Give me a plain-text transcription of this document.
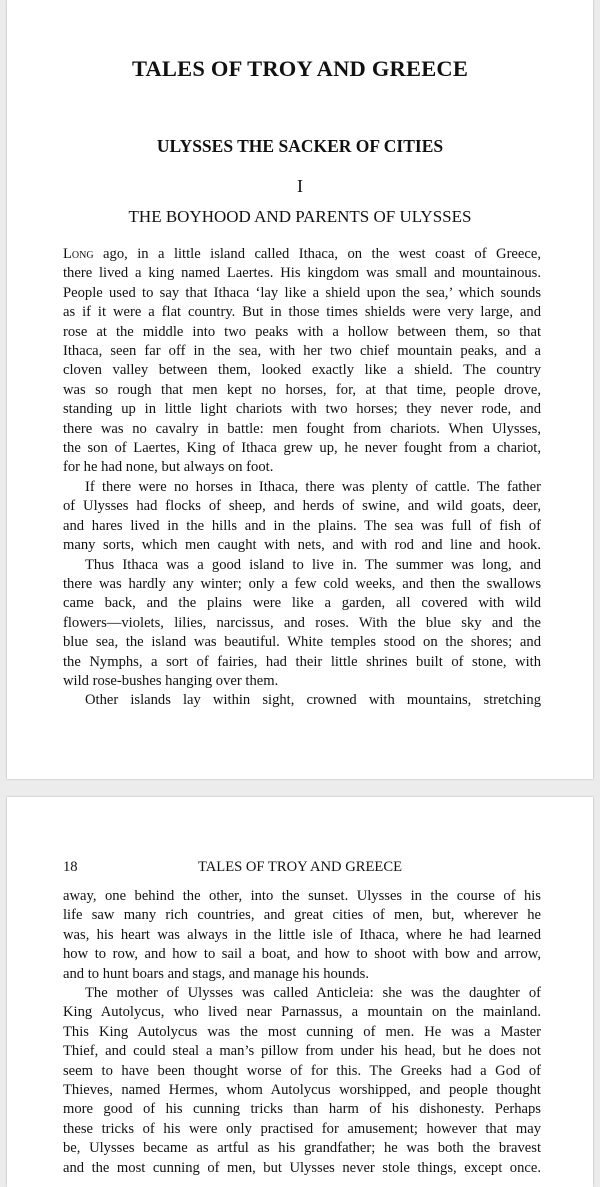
TALES OF TROY AND GREECE
ULYSSES THE SACKER OF CITIES
I
THE BOYHOOD AND PARENTS OF ULYSSES
Long ago, in a little island called Ithaca, on the west coast of Greece,
there lived a king named Laertes. His kingdom was small and mountainous.
People used to say that Ithaca ‘lay like a shield upon the sea,’ which sounds
as if it were a flat country. But in those times shields were very large, and
rose at the middle into two peaks with a hollow between them, so that
Ithaca, seen far off in the sea, with her two chief mountain peaks, and a
cloven valley between them, looked exactly like a shield. The country
was so rough that men kept no horses, for, at that time, people drove,
standing up in little light chariots with two horses; they never rode, and
there was no cavalry in battle: men fought from chariots. When Ulysses,
the son of Laertes, King of Ithaca grew up, he never fought from a chariot,
for he had none, but always on foot.
If there were no horses in Ithaca, there was plenty of cattle. The father
of Ulysses had flocks of sheep, and herds of swine, and wild goats, deer,
and hares lived in the hills and in the plains. The sea was full of fish of
many sorts, which men caught with nets, and with rod and line and hook.
Thus Ithaca was a good island to live in. The summer was long, and
there was hardly any winter; only a few cold weeks, and then the swallows
came back, and the plains were like a garden, all covered with wild
flowers—violets, lilies, narcissus, and roses. With the blue sky and the
blue sea, the island was beautiful. White temples stood on the shores; and
the Nymphs, a sort of fairies, had their little shrines built of stone, with
wild rose-bushes hanging over them.
Other islands lay within sight, crowned with mountains, stretching
18	TALES OF TROY AND GREECE
away, one behind the other, into the sunset. Ulysses in the course of his
life saw many rich countries, and great cities of men, but, wherever he
was, his heart was always in the little isle of Ithaca, where he had learned
how to row, and how to sail a boat, and how to shoot with bow and arrow,
and to hunt boars and stags, and manage his hounds.
The mother of Ulysses was called Anticleia: she was the daughter of
King Autolycus, who lived near Parnassus, a mountain on the mainland.
This King Autolycus was the most cunning of men. He was a Master
Thief, and could steal a man’s pillow from under his head, but he does not
seem to have been thought worse of for this. The Greeks had a God of
Thieves, named Hermes, whom Autolycus worshipped, and people thought
more good of his cunning tricks than harm of his dishonesty. Perhaps
these tricks of his were only practised for amusement; however that may
be, Ulysses became as artful as his grandfather; he was both the bravest
and the most cunning of men, but Ulysses never stole things, except once.
